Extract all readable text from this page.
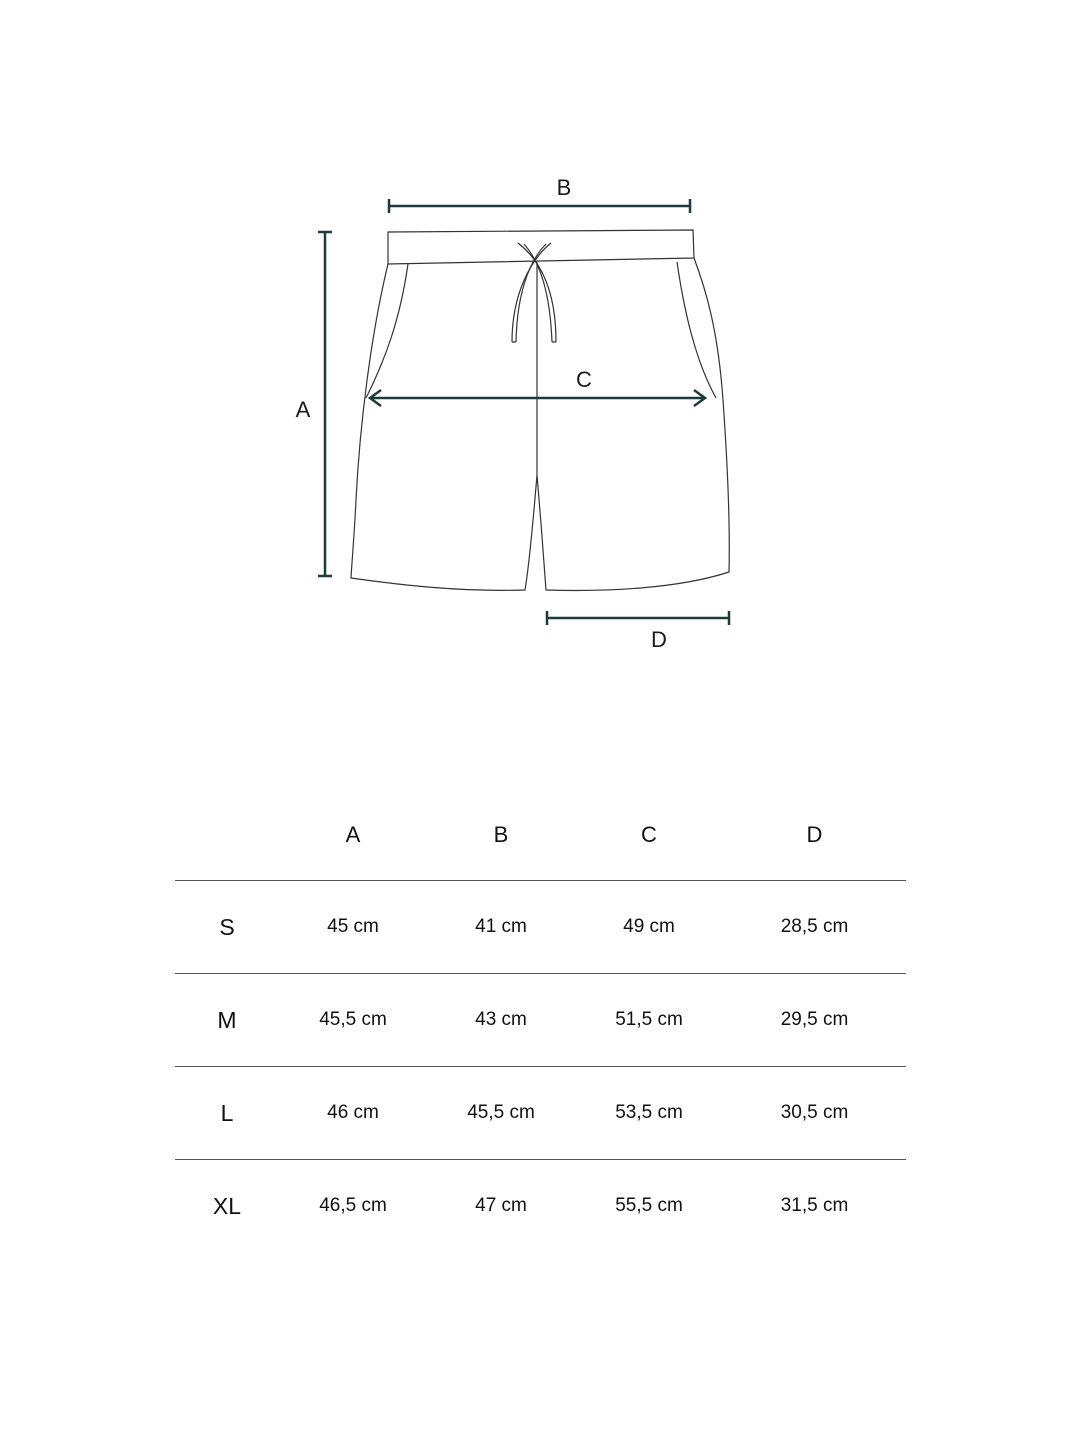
B
A
C
D
	A	B	C	D
S	45 cm	41 cm	49 cm	28,5 cm
M	45,5 cm	43 cm	51,5 cm	29,5 cm
L	46 cm	45,5 cm	53,5 cm	30,5 cm
XL	46,5 cm	47 cm	55,5 cm	31,5 cm
